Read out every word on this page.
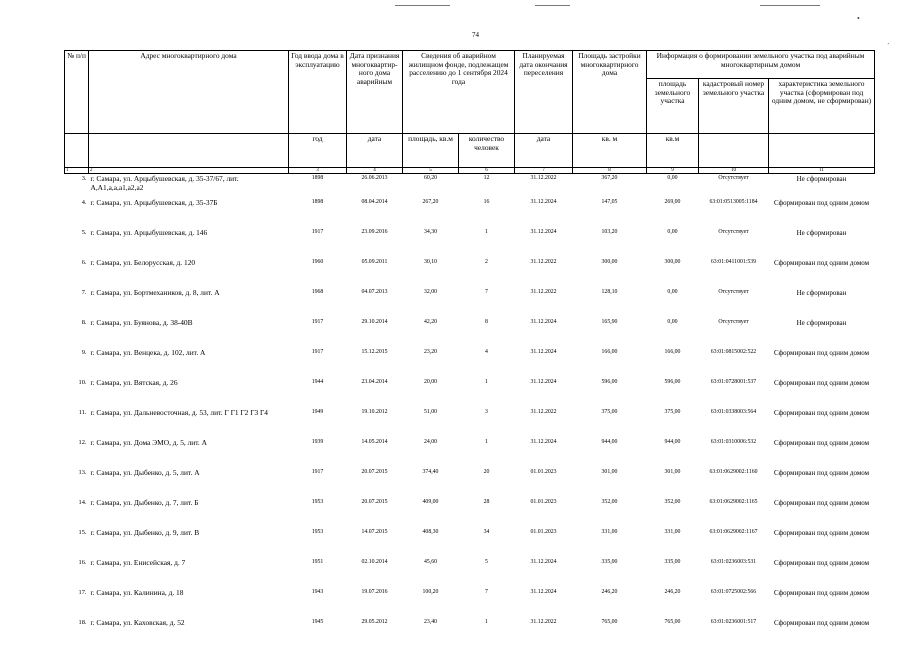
•
ˊ
74
№ п/п	Адрес многоквартирного дома	Год ввода дома в эксплуатацию	Дата признания многоквартир- ного дома аварийным	Сведения об аварийном жилищном фонде, подлежащем расселению до 1 сентября 2024 года		Планируемая дата окончания переселения	Площадь застройки многоквартирного дома	Информация о формировании земельного участка под аварийным многоквартирным домом		
								площадь земельного участка	кадастровый номер земельного участка	характеристика земельного участка (сформирован под одним домом, не сформирован)
		год	дата	площадь, кв.м	количество человек	дата	кв. м	кв.м		
1	2	3	4	5	6	7	8	9	10	11
3.	г. Самара, ул. Арцыбушевская, д. 35-37/67, лит. А,А1,а,а,а1,а2,а2	1898	26.06.2013	60,20	12	31.12.2022	367,20	0,00	Отсутствует	Не сформирован
4.	г. Самара, ул. Арцыбушевская, д. 35-37Б	1898	08.04.2014	267,20	16	31.12.2024	147,05	269,00	63:01:0513005:1184	Сформирован под одним домом
5.	г. Самара, ул. Арцыбушевская, д. 146	1917	23.09.2016	34,30	1	31.12.2024	103,20	0,00	Отсутствует	Не сформирован
6.	г. Самара, ул. Белорусская, д. 120	1960	05.09.2011	30,10	2	31.12.2022	300,00	300,00	63:01:0411001:539	Сформирован под одним домом
7.	г. Самара, ул. Бортмехаников, д. 8, лит. А	1968	04.07.2013	32,00	7	31.12.2022	128,10	0,00	Отсутствует	Не сформирован
8.	г. Самара, ул. Буянова, д. 38-40В	1917	29.10.2014	42,20	8	31.12.2024	165,90	0,00	Отсутствует	Не сформирован
9.	г. Самара, ул. Венцека, д. 102, лит. А	1917	15.12.2015	23,20	4	31.12.2024	166,00	166,00	63:01:0815002:522	Сформирован под одним домом
10.	г. Самара, ул. Вятская, д. 26	1944	23.04.2014	20,00	1	31.12.2024	596,00	596,00	63:01:0728001:537	Сформирован под одним домом
11.	г. Самара, ул. Дальневосточная, д. 53, лит. Г Г1 Г2 Г3 Г4	1949	19.10.2012	51,00	3	31.12.2022	375,00	375,00	63:01:0338003:564	Сформирован под одним домом
12.	г. Самара, ул. Дома ЭМО, д. 5, лит. А	1939	14.05.2014	24,00	1	31.12.2024	944,00	944,00	63:01:0310006:532	Сформирован под одним домом
13.	г. Самара, ул. Дыбенко, д. 5, лит. А	1917	20.07.2015	374,40	20	01.01.2023	301,00	301,00	63:01:0629002:1160	Сформирован под одним домом
14.	г. Самара, ул. Дыбенко, д. 7, лит. Б	1953	20.07.2015	409,00	28	01.01.2023	352,00	352,00	63:01:0629002:1165	Сформирован под одним домом
15.	г. Самара, ул. Дыбенко, д. 9, лит. В	1953	14.07.2015	408,30	34	01.01.2023	331,00	331,00	63:01:0629002:1167	Сформирован под одним домом
16.	г. Самара, ул. Енисейская, д. 7	1951	02.10.2014	45,60	5	31.12.2024	335,00	335,00	63:01:0236003:531	Сформирован под одним домом
17.	г. Самара, ул. Калинина, д. 18	1943	19.07.2016	100,20	7	31.12.2024	246,20	246,20	63:01:0725002:566	Сформирован под одним домом
18.	г. Самара, ул. Каховская, д. 52	1945	29.05.2012	23,40	1	31.12.2022	765,00	765,00	63:01:0236001:517	Сформирован под одним домом
